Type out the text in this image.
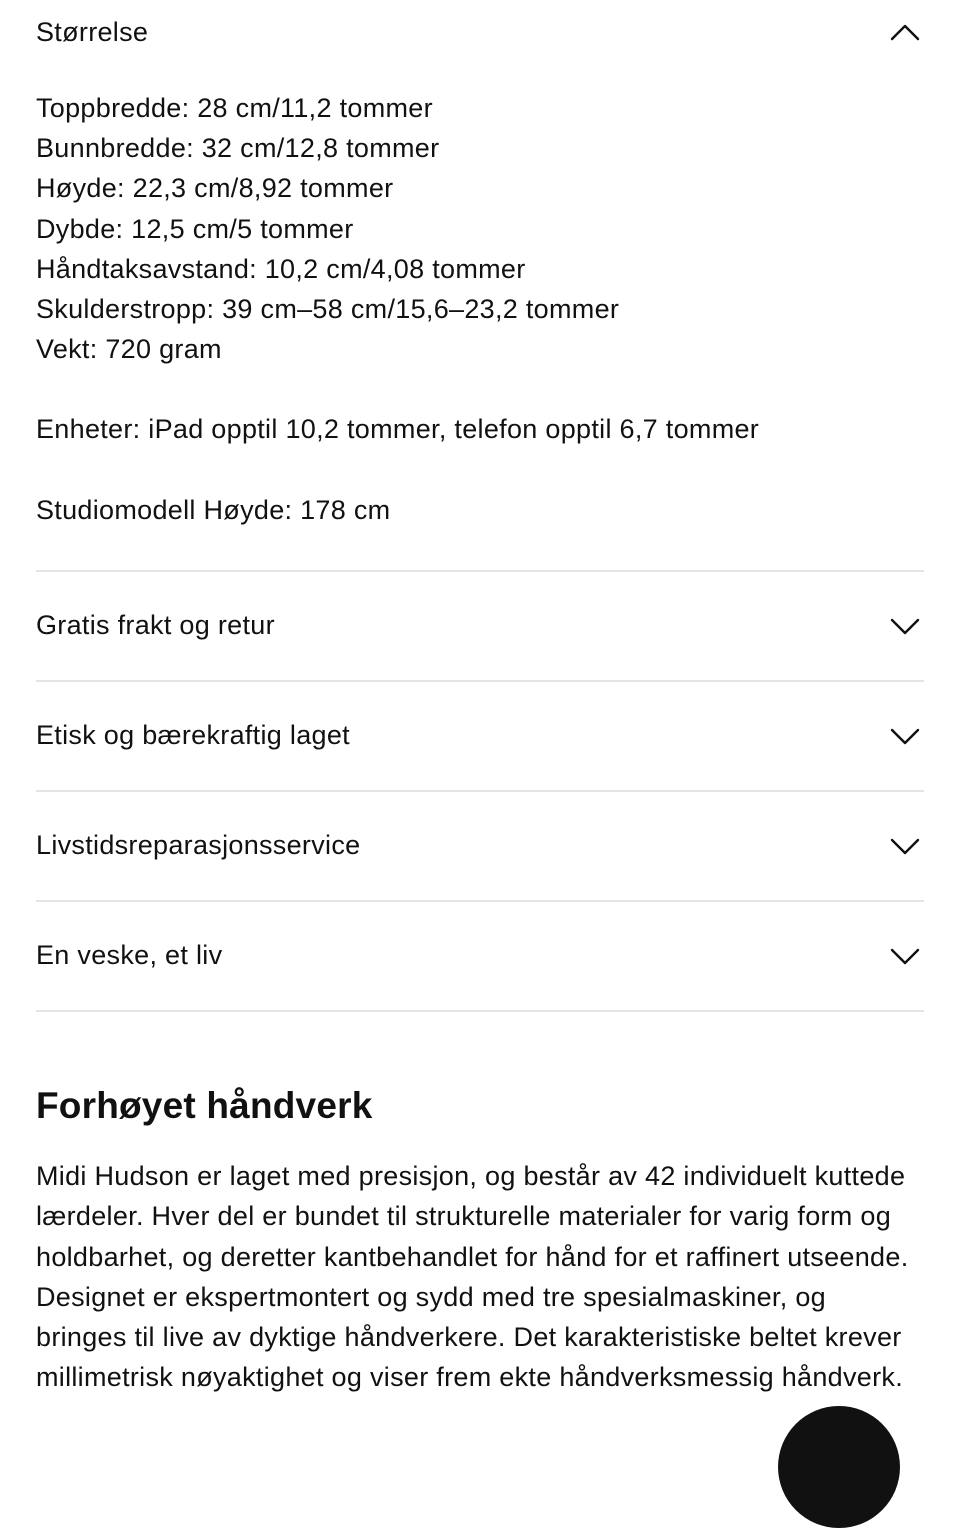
Størrelse
Toppbredde: 28 cm/11,2 tommer
Bunnbredde: 32 cm/12,8 tommer
Høyde: 22,3 cm/8,92 tommer
Dybde: 12,5 cm/5 tommer
Håndtaksavstand: 10,2 cm/4,08 tommer
Skulderstropp: 39 cm–58 cm/15,6–23,2 tommer
Vekt: 720 gram
Enheter: iPad opptil 10,2 tommer, telefon opptil 6,7 tommer
Studiomodell Høyde: 178 cm
Gratis frakt og retur
Etisk og bærekraftig laget
Livstidsreparasjonsservice
En veske, et liv
Forhøyet håndverk

Midi Hudson er laget med presisjon, og består av 42 individuelt kuttede lærdeler. Hver del er bundet til strukturelle materialer for varig form og holdbarhet, og deretter kantbehandlet for hånd for et raffinert utseende. Designet er ekspertmontert og sydd med tre spesialmaskiner, og bringes til live av dyktige håndverkere. Det karakteristiske beltet krever millimetrisk nøyaktighet og viser frem ekte håndverksmessig håndverk.
